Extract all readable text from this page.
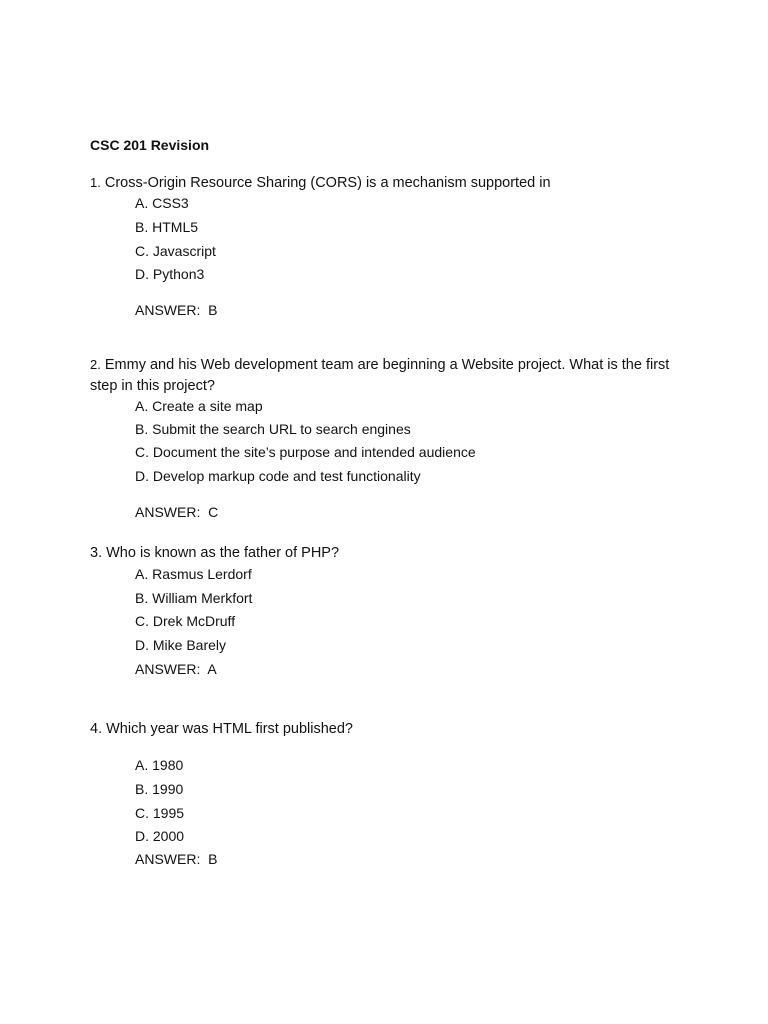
CSC 201 Revision
1. Cross-Origin Resource Sharing (CORS) is a mechanism supported in
A. CSS3
B. HTML5
C. Javascript
D. Python3
ANSWER:  B
2. Emmy and his Web development team are beginning a Website project. What is the first step in this project?
A. Create a site map
B. Submit the search URL to search engines
C. Document the site’s purpose and intended audience
D. Develop markup code and test functionality
ANSWER:  C
3. Who is known as the father of PHP?
A. Rasmus Lerdorf
B. William Merkfort
C. Drek McDruff
D. Mike Barely
ANSWER:  A
4. Which year was HTML first published?
A. 1980
B. 1990
C. 1995
D. 2000
ANSWER:  B
